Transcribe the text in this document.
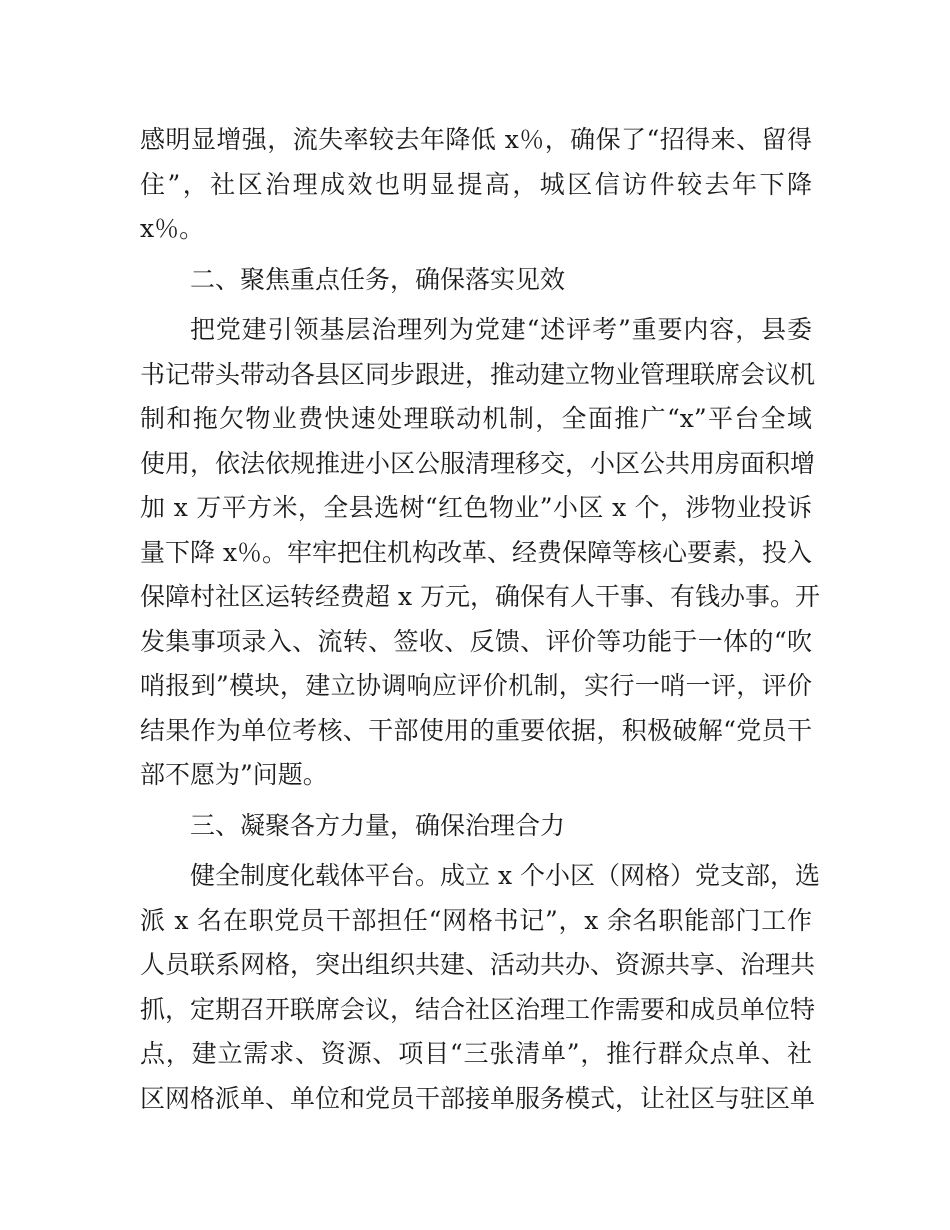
感明显增强，流失率较去年降低 x％，确保了“招得来、留得
住”，社区治理成效也明显提高，城区信访件较去年下降
x％。
二、聚焦重点任务，确保落实见效
把党建引领基层治理列为党建“述评考”重要内容，县委
书记带头带动各县区同步跟进，推动建立物业管理联席会议机
制和拖欠物业费快速处理联动机制，全面推广“x”平台全域
使用，依法依规推进小区公服清理移交，小区公共用房面积增
加 x 万平方米，全县选树“红色物业”小区 x 个，涉物业投诉
量下降 x％。牢牢把住机构改革、经费保障等核心要素，投入
保障村社区运转经费超 x 万元，确保有人干事、有钱办事。开
发集事项录入、流转、签收、反馈、评价等功能于一体的“吹
哨报到”模块，建立协调响应评价机制，实行一哨一评，评价
结果作为单位考核、干部使用的重要依据，积极破解“党员干
部不愿为”问题。
三、凝聚各方力量，确保治理合力
健全制度化载体平台。成立 x 个小区（网格）党支部，选
派 x 名在职党员干部担任“网格书记”，x 余名职能部门工作
人员联系网格，突出组织共建、活动共办、资源共享、治理共
抓，定期召开联席会议，结合社区治理工作需要和成员单位特
点，建立需求、资源、项目“三张清单”，推行群众点单、社
区网格派单、单位和党员干部接单服务模式，让社区与驻区单
